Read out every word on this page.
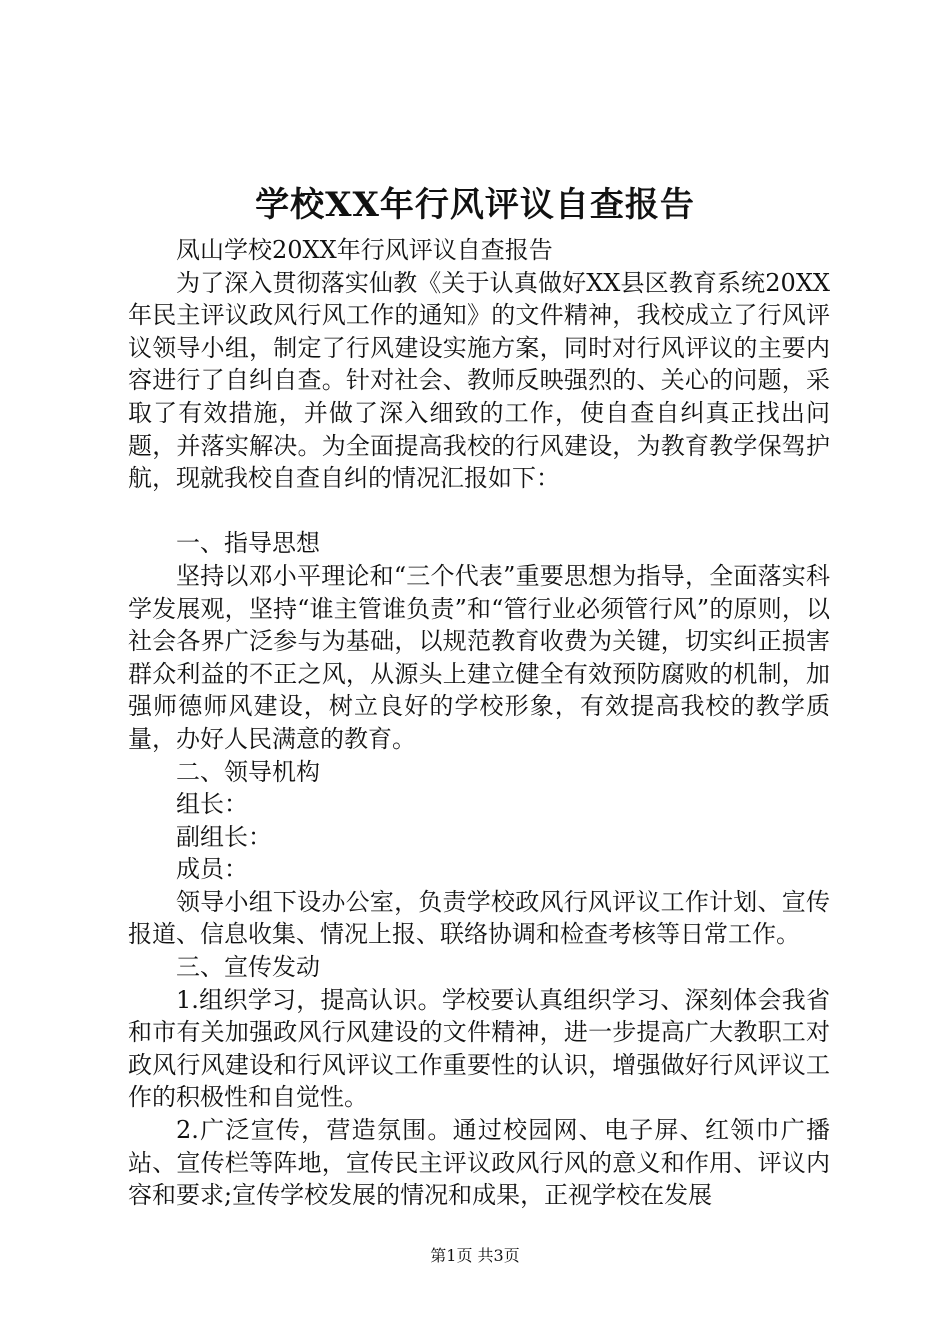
学校XX年行风评议自查报告

凤山学校20XX年行风评议自查报告

为了深入贯彻落实仙教《关于认真做好XX县区教育系统20XX年民主评议政风行风工作的通知》的文件精神，我校成立了行风评议领导小组，制定了行风建设实施方案，同时对行风评议的主要内容进行了自纠自查。针对社会、教师反映强烈的、关心的问题，采取了有效措施，并做了深入细致的工作，使自查自纠真正找出问题，并落实解决。为全面提高我校的行风建设，为教育教学保驾护航，现就我校自查自纠的情况汇报如下：

一、指导思想

坚持以邓小平理论和“三个代表”重要思想为指导，全面落实科学发展观，坚持“谁主管谁负责”和“管行业必须管行风”的原则，以社会各界广泛参与为基础，以规范教育收费为关键，切实纠正损害群众利益的不正之风，从源头上建立健全有效预防腐败的机制，加强师德师风建设，树立良好的学校形象，有效提高我校的教学质量，办好人民满意的教育。

二、领导机构

组长：

副组长：

成员：

领导小组下设办公室，负责学校政风行风评议工作计划、宣传报道、信息收集、情况上报、联络协调和检查考核等日常工作。

三、宣传发动

1.组织学习，提高认识。学校要认真组织学习、深刻体会我省和市有关加强政风行风建设的文件精神，进一步提高广大教职工对政风行风建设和行风评议工作重要性的认识，增强做好行风评议工作的积极性和自觉性。

2.广泛宣传，营造氛围。通过校园网、电子屏、红领巾广播站、宣传栏等阵地，宣传民主评议政风行风的意义和作用、评议内容和要求;宣传学校发展的情况和成果，正视学校在发展

第1页 共3页
